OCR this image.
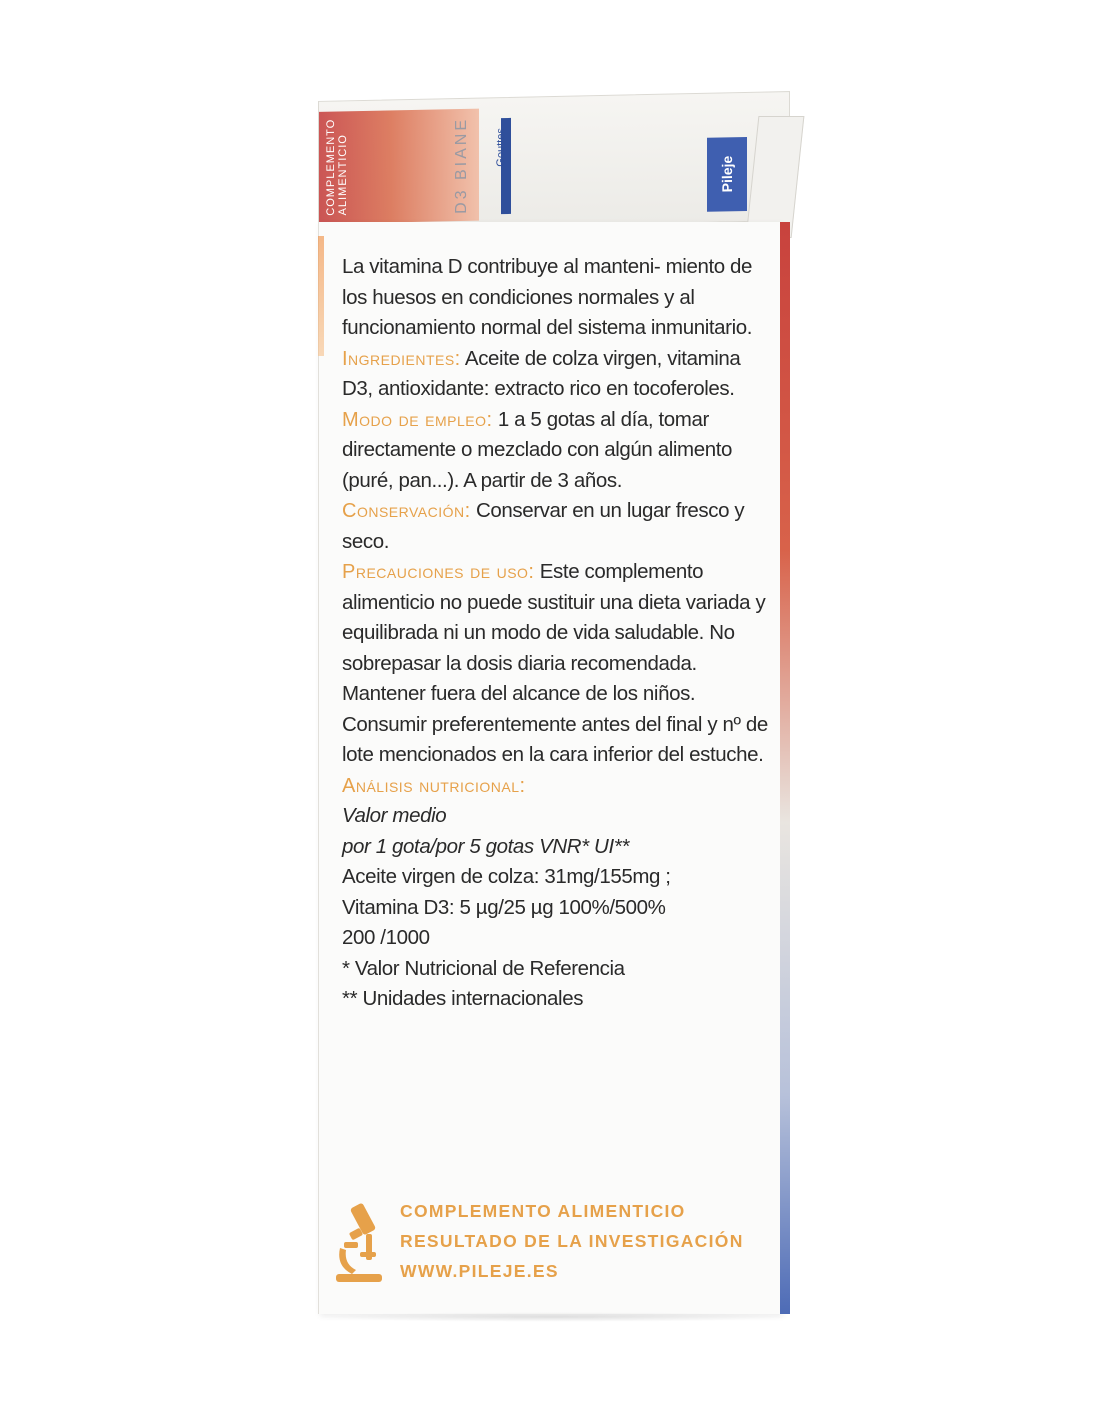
COMPLEMENTO ALIMENTICIO	D3 BIANE Gouttes
Pileje

La vitamina D contribuye al manteni- miento de los huesos en condiciones normales y al funcionamiento normal del sistema inmunitario.

Ingredientes: Aceite de colza virgen, vitamina D3, antioxidante: extracto rico en tocoferoles.

Modo de empleo: 1 a 5 gotas al día, tomar directamente o mezclado con algún alimento (puré, pan...). A partir de 3 años.

Conservación: Conservar en un lugar fresco y seco.

Precauciones de uso: Este complemento alimenticio no puede sustituir una dieta variada y equilibrada ni un modo de vida saludable. No sobrepasar la dosis diaria recomendada. Mantener fuera del alcance de los niños. Consumir preferentemente antes del final y nº de lote mencionados en la cara inferior del estuche.

Análisis nutricional:

Valor medio

por 1 gota/por 5 gotas VNR* UI**

Aceite virgen de colza: 31mg/155mg ;

Vitamina D3: 5 µg/25 µg 100%/500%

200 /1000

* Valor Nutricional de Referencia

** Unidades internacionales

COMPLEMENTO ALIMENTICIO
RESULTADO DE LA INVESTIGACIÓN
WWW.PILEJE.ES
